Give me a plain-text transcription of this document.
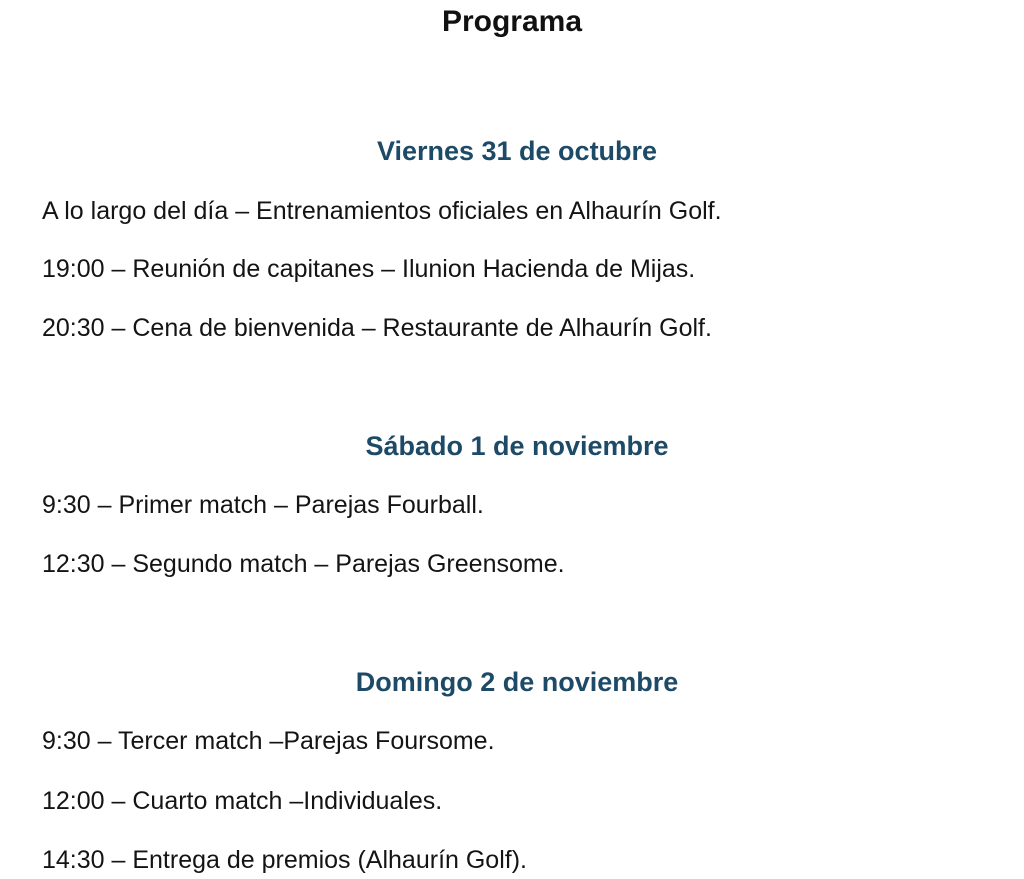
Programa
Viernes 31 de octubre
A lo largo del día – Entrenamientos oficiales en Alhaurín Golf.
19:00 – Reunión de capitanes – Ilunion Hacienda de Mijas.
20:30 – Cena de bienvenida – Restaurante de Alhaurín Golf.
Sábado 1 de noviembre
9:30 – Primer match – Parejas Fourball.
12:30 – Segundo match – Parejas Greensome.
Domingo 2 de noviembre
9:30 – Tercer match –Parejas Foursome.
12:00 – Cuarto match –Individuales.
14:30 – Entrega de premios (Alhaurín Golf).
